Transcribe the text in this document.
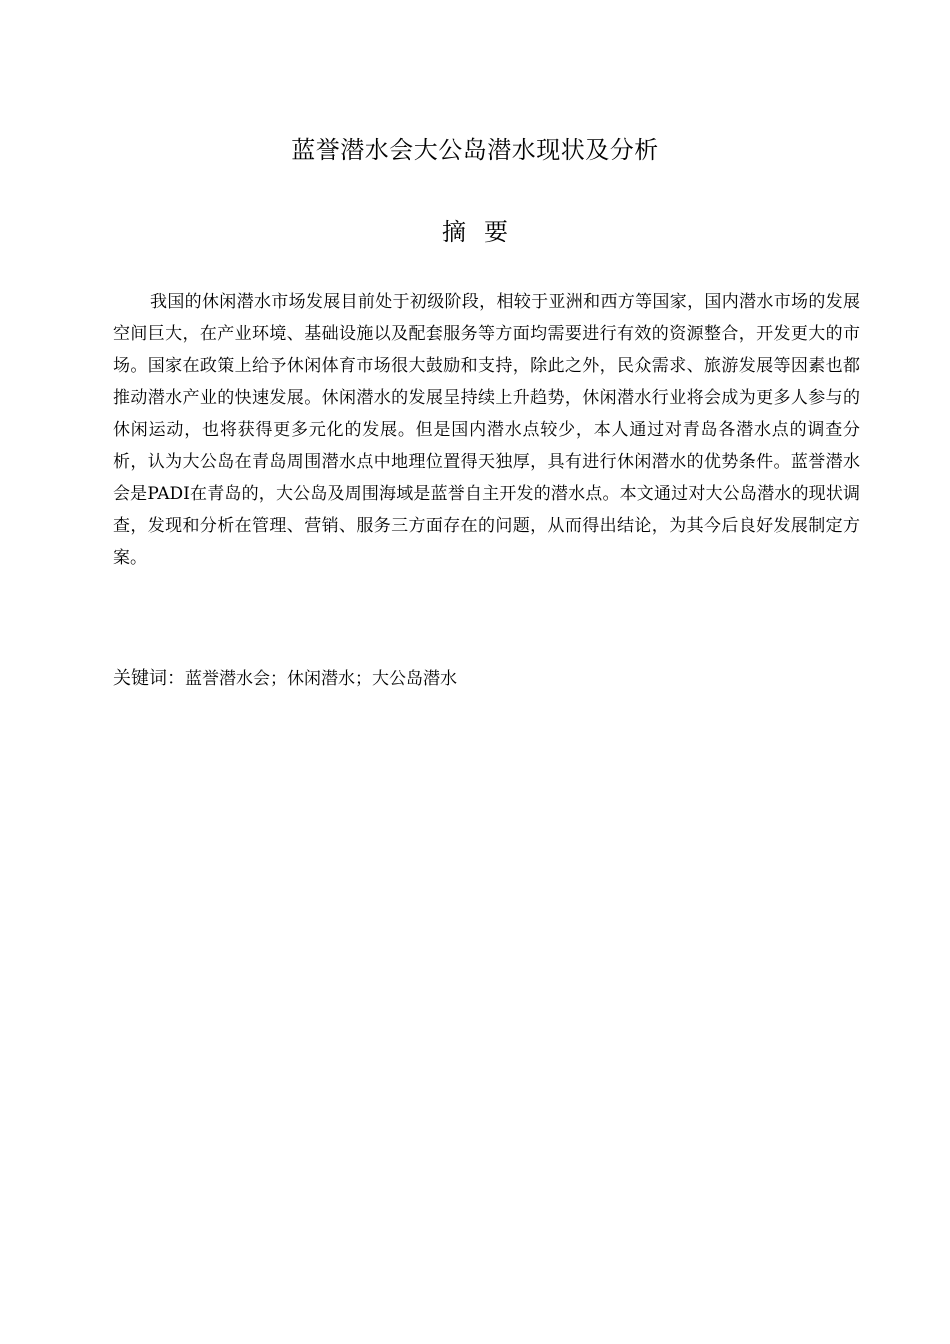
蓝誉潜水会大公岛潜水现状及分析
摘要

我国的休闲潜水市场发展目前处于初级阶段，相较于亚洲和西方等国家，国内潜水市场的发展空间巨大，在产业环境、基础设施以及配套服务等方面均需要进行有效的资源整合，开发更大的市场。国家在政策上给予休闲体育市场很大鼓励和支持，除此之外，民众需求、旅游发展等因素也都推动潜水产业的快速发展。休闲潜水的发展呈持续上升趋势，休闲潜水行业将会成为更多人参与的休闲运动，也将获得更多元化的发展。但是国内潜水点较少，本人通过对青岛各潜水点的调查分析，认为大公岛在青岛周围潜水点中地理位置得天独厚，具有进行休闲潜水的优势条件。蓝誉潜水会是PADI在青岛的，大公岛及周围海域是蓝誉自主开发的潜水点。本文通过对大公岛潜水的现状调查，发现和分析在管理、营销、服务三方面存在的问题，从而得出结论，为其今后良好发展制定方案。

关键词：蓝誉潜水会；休闲潜水；大公岛潜水
